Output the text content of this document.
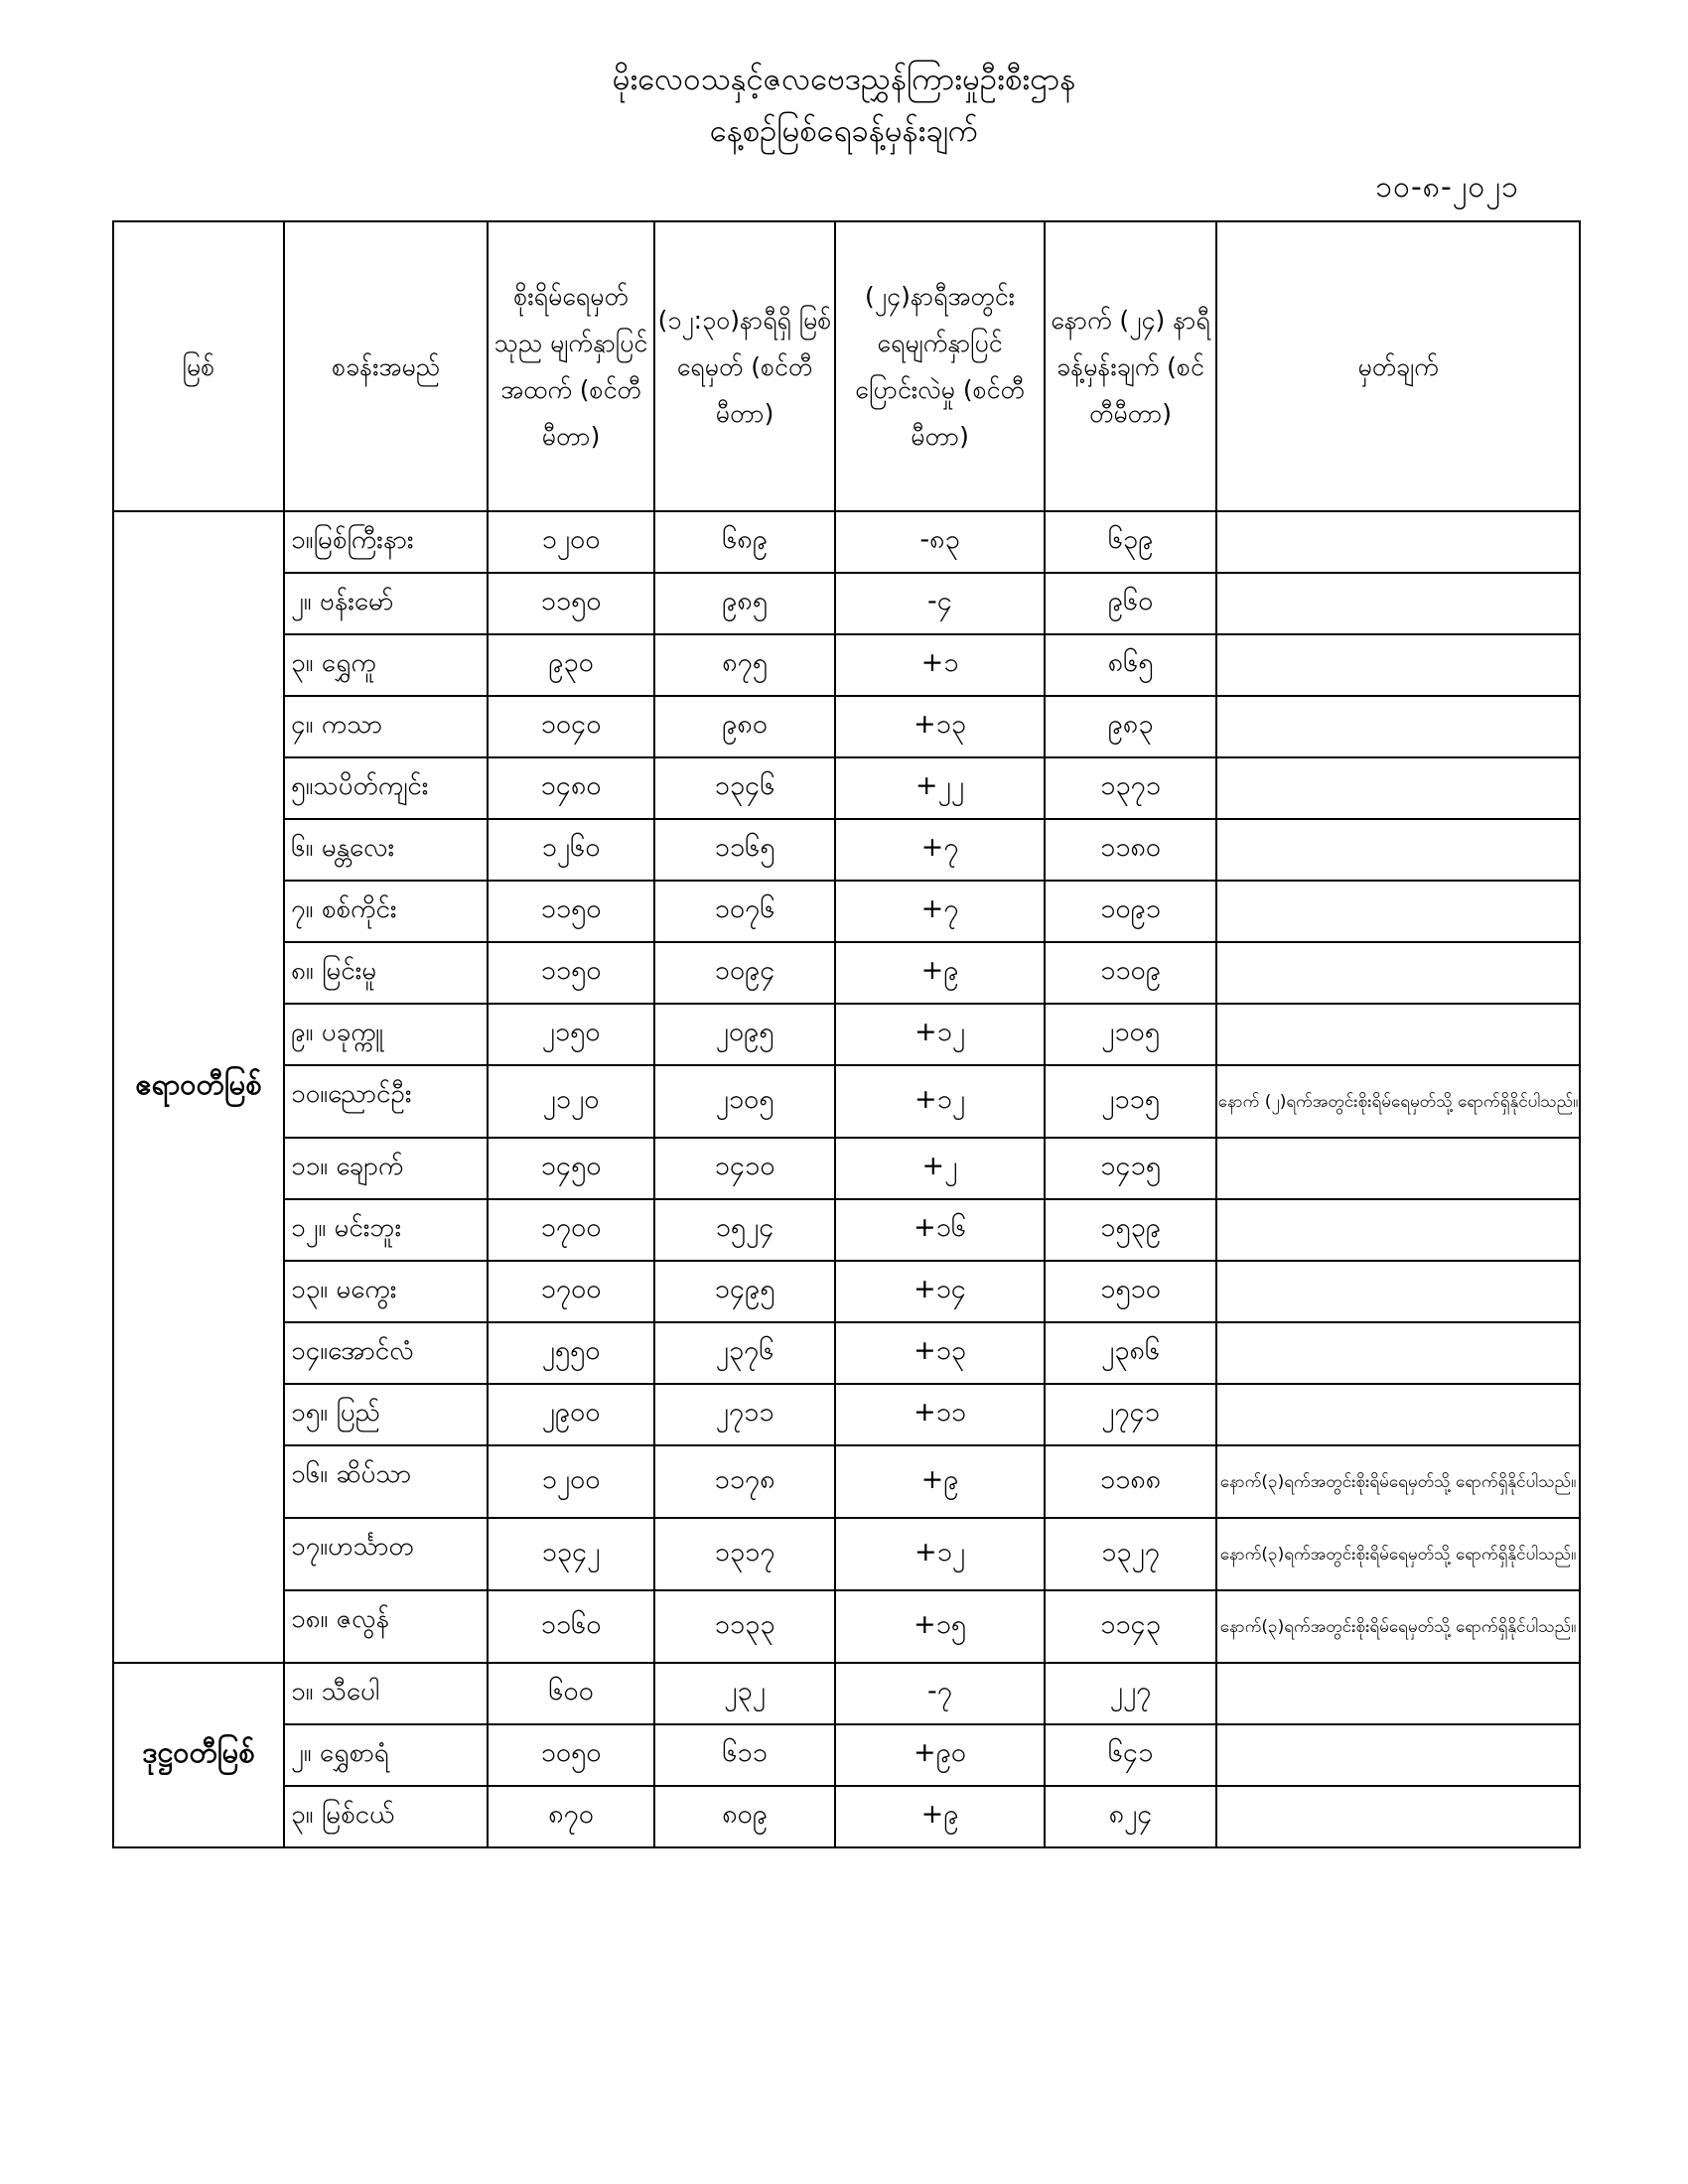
မိုးလေဝသနှင့်ဇလဗေဒညွှန်ကြားမှုဦးစီးဌာန
နေ့စဉ်မြစ်ရေခန့်မှန်းချက်
၁၀-၈-၂၀၂၁
မြစ်	စခန်းအမည်	စိုးရိမ်ရေမှတ် သုည မျက်နှာပြင် အထက် (စင်တီမီတာ)	(၁၂:၃၀)နာရီရှိ မြစ်ရေမှတ် (စင်တီမီတာ)	(၂၄)နာရီအတွင်း ရေမျက်နှာပြင် ပြောင်းလဲမှု (စင်တီမီတာ)	နောက် (၂၄) နာရီ ခန့်မှန်းချက် (စင်တီမီတာ)	မှတ်ချက်
ဧရာဝတီမြစ်	၁။မြစ်ကြီးနား	၁၂၀၀	၆၈၉	-၈၃	၆၃၉	
	၂။ ဗန်းမော်	၁၁၅၀	၉၈၅	-၄	၉၆၀	
	၃။ ရွှေကူ	၉၃၀	၈၇၅	+၁	၈၆၅	
	၄။ ကသာ	၁၀၄၀	၉၈၀	+၁၃	၉၈၃	
	၅။သပိတ်ကျင်း	၁၄၈၀	၁၃၄၆	+၂၂	၁၃၇၁	
	၆။ မန္တလေး	၁၂၆၀	၁၁၆၅	+၇	၁၁၈၀	
	၇။ စစ်ကိုင်း	၁၁၅၀	၁၀၇၆	+၇	၁၀၉၁	
	၈။ မြင်းမူ	၁၁၅၀	၁၀၉၄	+၉	၁၁၀၉	
	၉။ ပခုက္ကူ	၂၁၅၀	၂၀၉၅	+၁၂	၂၁၀၅	
	၁၀။ညောင်ဦး	၂၁၂၀	၂၁၀၅	+၁၂	၂၁၁၅	နောက် (၂)ရက်အတွင်းစိုးရိမ်ရေမှတ်သို့ ရောက်ရှိနိုင်ပါသည်။
	၁၁။ ချောက်	၁၄၅၀	၁၄၁၀	+၂	၁၄၁၅	
	၁၂။ မင်းဘူး	၁၇၀၀	၁၅၂၄	+၁၆	၁၅၃၉	
	၁၃။ မကွေး	၁၇၀၀	၁၄၉၅	+၁၄	၁၅၁၀	
	၁၄။အောင်လံ	၂၅၅၀	၂၃၇၆	+၁၃	၂၃၈၆	
	၁၅။ ပြည်	၂၉၀၀	၂၇၁၁	+၁၁	၂၇၄၁	
	၁၆။ ဆိပ်သာ	၁၂၀၀	၁၁၇၈	+၉	၁၁၈၈	နောက်(၃)ရက်အတွင်းစိုးရိမ်ရေမှတ်သို့ ရောက်ရှိနိုင်ပါသည်။
	၁၇။ဟင်္သာတ	၁၃၄၂	၁၃၁၇	+၁၂	၁၃၂၇	နောက်(၃)ရက်အတွင်းစိုးရိမ်ရေမှတ်သို့ ရောက်ရှိနိုင်ပါသည်။
	၁၈။ ဇလွန်	၁၁၆၀	၁၁၃၃	+၁၅	၁၁၄၃	နောက်(၃)ရက်အတွင်းစိုးရိမ်ရေမှတ်သို့ ရောက်ရှိနိုင်ပါသည်။
ဒုဋ္ဌဝတီမြစ်	၁။ သီပေါ	၆၀၀	၂၃၂	-၇	၂၂၇	
	၂။ ရွှေစာရံ	၁၀၅၀	၆၁၁	+၉၀	၆၄၁	
	၃။ မြစ်ငယ်	၈၇၀	၈၀၉	+၉	၈၂၄	
